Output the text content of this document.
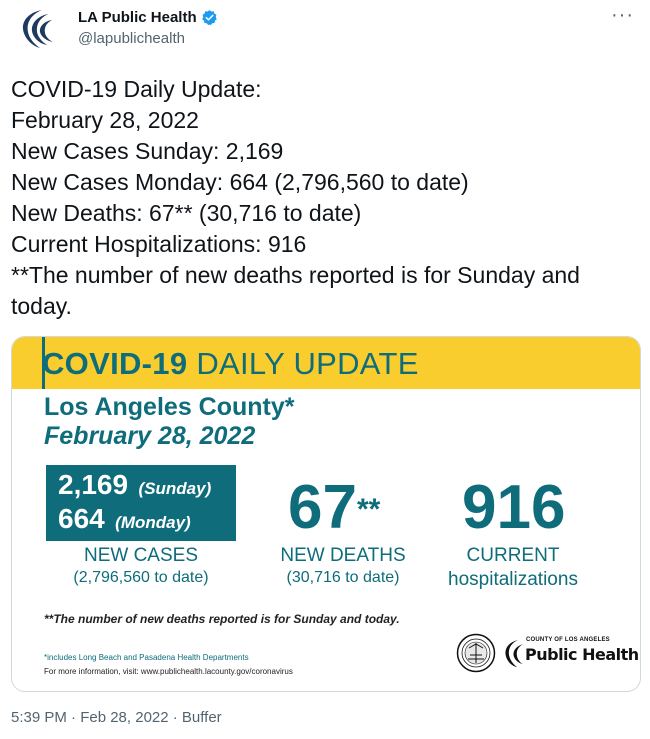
LA Public Health
@lapublichealth
···
COVID-19 Daily Update:
February 28, 2022
New Cases Sunday: 2,169
New Cases Monday: 664 (2,796,560 to date)
New Deaths: 67** (30,716 to date)
Current Hospitalizations: 916
**The number of new deaths reported is for Sunday and
today.
COVID-19 DAILY UPDATE
Los Angeles County*
February 28, 2022
2,169 (Sunday)
664 (Monday)
NEW CASES
(2,796,560 to date)
67**
NEW DEATHS
(30,716 to date)
916
CURRENT
hospitalizations
**The number of new deaths reported is for Sunday and today.
*includes Long Beach and Pasadena Health Departments
For more information, visit: www.publichealth.lacounty.gov/coronavirus
COUNTY OF LOS ANGELES
Public Health
5:39 PM · Feb 28, 2022 · Buffer
